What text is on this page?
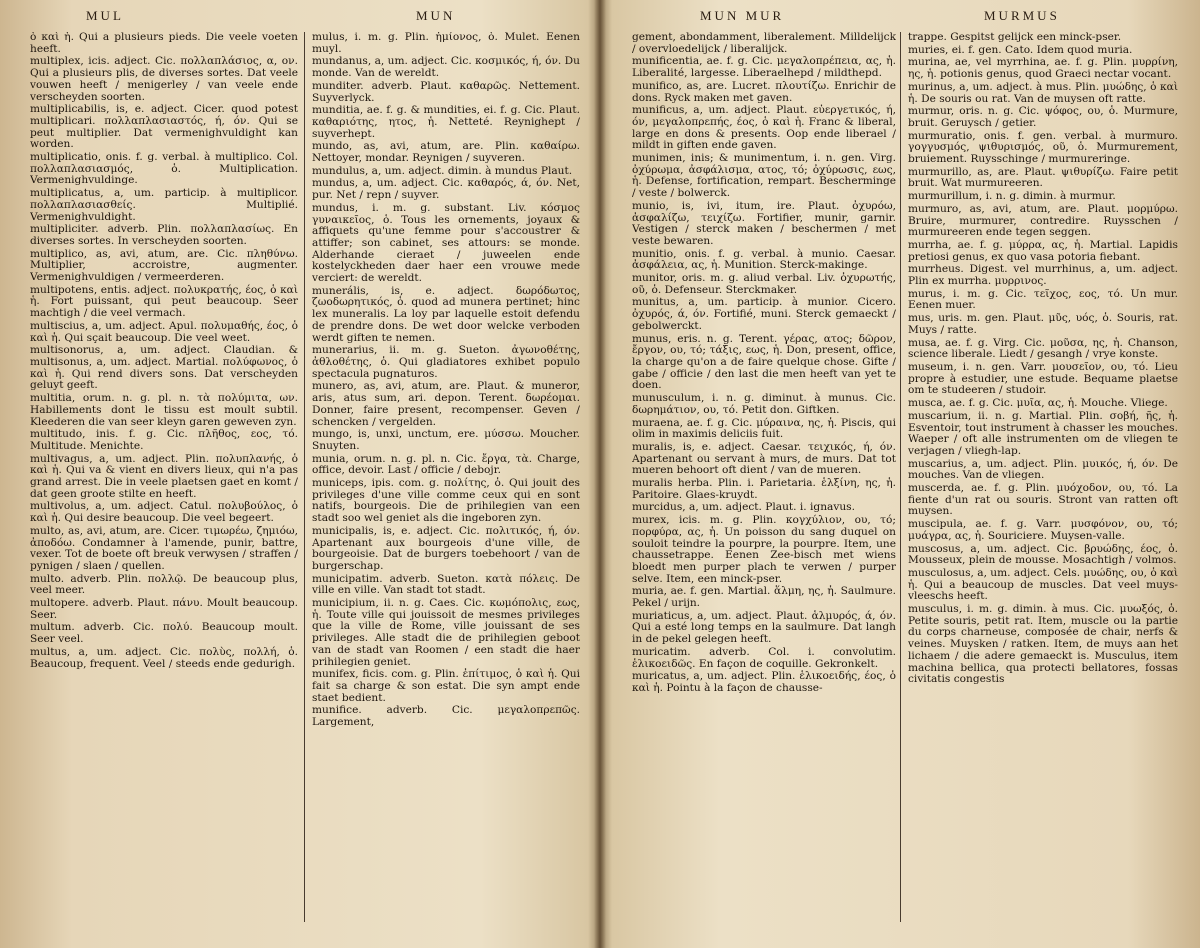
MUL	MUN

ὁ καὶ ἡ. Qui a plusieurs pieds. Die veele voeten heeft.

multiplex, icis. adject. Cic. πολλαπλάσιος, α, ον. Qui a plusieurs plis, de diverses sortes. Dat veele vouwen heeft / menigerley / van veele ende verscheyden soorten.

multiplicabilis, is, e. adject. Cicer. quod potest multiplicari. πολλαπλασιαστός, ή, όν. Qui se peut multiplier. Dat vermenighvuldight kan worden.

multiplicatio, onis. f. g. verbal. à multiplico. Col. πολλαπλασιασμός, ὁ. Multiplication. Vermenighvuldinge.

multiplicatus, a, um. particip. à multiplicor. πολλαπλασιασθείς. Multiplié. Vermenighvuldight.

multipliciter. adverb. Plin. πολλαπλασίως. En diverses sortes. In verscheyden soorten.

multiplico, as, avi, atum, are. Cic. πληθύνω. Multiplier, accroistre, augmenter. Vermenighvuldigen / vermeerderen.

multipotens, entis. adject. πολυκρατής, έος, ὁ καὶ ἡ. Fort puissant, qui peut beaucoup. Seer machtigh / die veel vermach.

multiscius, a, um. adject. Apul. πολυμαθής, έος, ὁ καὶ ἡ. Qui sçait beaucoup. Die veel weet.

multisonorus, a, um. adject. Claudian. & multisonus, a, um. adject. Martial. πολύφωνος, ὁ καὶ ἡ. Qui rend divers sons. Dat verscheyden geluyt geeft.

multitia, orum. n. g. pl. n. τὰ πολύμιτα, ων. Habillements dont le tissu est moult subtil. Kleederen die van seer kleyn garen geweven zyn.

multitudo, inis. f. g. Cic. πλῆθος, εος, τό. Multitude. Menichte.

multivagus, a, um. adject. Plin. πολυπλανής, ὁ καὶ ἡ. Qui va & vient en divers lieux, qui n'a pas grand arrest. Die in veele plaetsen gaet en komt / dat geen groote stilte en heeft.

multivolus, a, um. adject. Catul. πολυβούλος, ὁ καὶ ἡ. Qui desire beaucoup. Die veel begeert.

multo, as, avi, atum, are. Cicer. τιμωρέω, ζημιόω, ἀποδόω. Condamner à l'amende, punir, battre, vexer. Tot de boete oft breuk verwysen / straffen / pynigen / slaen / quellen.

multo. adverb. Plin. πολλῷ. De beaucoup plus, veel meer.

multopere. adverb. Plaut. πάνυ. Moult beaucoup. Seer.

multum. adverb. Cic. πολύ. Beaucoup moult. Seer veel.

multus, a, um. adject. Cic. πολὺς, πολλή, ὁ. Beaucoup, frequent. Veel / steeds ende gedurigh.

mulus, i. m. g. Plin. ἡμίονος, ὁ. Mulet. Eenen muyl.

mundanus, a, um. adject. Cic. κοσμικός, ή, όν. Du monde. Van de wereldt.

munditer. adverb. Plaut. καθαρῶς. Nettement. Suyverlyck.

munditia, ae. f. g. & mundities, ei. f. g. Cic. Plaut. καθαριότης, ητος, ἡ. Netteté. Reynighept / suyverhept.

mundo, as, avi, atum, are. Plin. καθαίρω. Nettoyer, mondar. Reynigen / suyveren.

mundulus, a, um. adject. dimin. à mundus Plaut.

mundus, a, um. adject. Cic. καθαρός, ά, όν. Net, pur. Net / repn / suyver.

mundus, i. m. g. substant. Liv. κόσμος γυναικεῖος, ὁ. Tous les ornements, joyaux & affiquets qu'une femme pour s'accoustrer & attiffer; son cabinet, ses attours: se monde. Alderhande cieraet / juweelen ende kostelyckheden daer haer een vrouwe mede verciert: de wereldt.

munerális, is, e. adject. δωρόδωτος, ζωοδωρητικός, ὁ. quod ad munera pertinet; hinc lex muneralis. La loy par laquelle estoit defendu de prendre dons. De wet door welcke verboden werdt giften te nemen.

munerarius, ii. m. g. Sueton. ἀγωνοθέτης, ἀθλοθέτης, ὁ. Qui gladiatores exhibet populo spectacula pugnaturos.

munero, as, avi, atum, are. Plaut. & muneror, aris, atus sum, ari. depon. Terent. δωρέομαι. Donner, faire present, recompenser. Geven / schencken / vergelden.

mungo, is, unxi, unctum, ere. μύσσω. Moucher. Snuyten.

munia, orum. n. g. pl. n. Cic. ἔργα, τὰ. Charge, office, devoir. Last / officie / debojr.

municeps, ipis. com. g. πολίτης, ὁ. Qui jouit des privileges d'une ville comme ceux qui en sont natifs, bourgeois. Die de prihilegien van een stadt soo wel geniet als die ingeboren zyn.

municipalis, is, e. adject. Cic. πολιτικός, ή, όν. Apartenant aux bourgeois d'une ville, de bourgeoisie. Dat de burgers toebehoort / van de burgerschap.

municipatim. adverb. Sueton. κατὰ πόλεις. De ville en ville. Van stadt tot stadt.

municipium, ii. n. g. Caes. Cic. κωμόπολις, εως, ἡ. Toute ville qui jouissoit de mesmes privileges que la ville de Rome, ville jouissant de ses privileges. Alle stadt die de prihilegien geboot van de stadt van Roomen / een stadt die haer prihilegien geniet.

munifex, ficis. com. g. Plin. ἐπίτιμος, ὁ καὶ ἡ. Qui fait sa charge & son estat. Die syn ampt ende staet bedient.

munifice. adverb. Cic. μεγαλοπρεπῶς. Largement,

MUN MUR	MURMUS

gement, abondamment, liberalement. Milldelijck / overvloedelijck / liberalijck.

munificentia, ae. f. g. Cic. μεγαλοπρέπεια, ας, ἡ. Liberalité, largesse. Liberaelhepd / mildthepd.

munifico, as, are. Lucret. πλουτίζω. Enrichir de dons. Ryck maken met gaven.

munificus, a, um. adject. Plaut. εὐεργετικός, ή, όν, μεγαλοπρεπής, έος, ὁ καὶ ἡ. Franc & liberal, large en dons & presents. Oop ende liberael / mildt in giften ende gaven.

munimen, inis; & munimentum, i. n. gen. Virg. ὀχύρωμα, ἀσφάλισμα, ατος, τό; ὀχύρωσις, εως, ἡ. Defense, fortification, rempart. Bescherminge / veste / bolwerck.

munio, is, ivi, itum, ire. Plaut. ὀχυρόω, ἀσφαλίζω, τειχίζω. Fortifier, munir, garnir. Vestigen / sterck maken / beschermen / met veste bewaren.

munitio, onis. f. g. verbal. à munio. Caesar. ἀσφάλεια, ας, ἡ. Munition. Sterck-makinge.

munitor, oris. m. g. aliud verbal. Liv. ὀχυρωτής, οῦ, ὁ. Defenseur. Sterckmaker.

munitus, a, um. particip. à munior. Cicero. ὀχυρός, ά, όν. Fortifié, muni. Sterck gemaeckt / gebolwerckt.

munus, eris. n. g. Terent. γέρας, ατος; δῶρον, ἔργον, ου, τό; τάξις, εως, ἡ. Don, present, office, la charge qu'on a de faire quelque chose. Gifte / gabe / officie / den last die men heeft van yet te doen.

munusculum, i. n. g. diminut. à munus. Cic. δωρημάτιον, ου, τό. Petit don. Giftken.

muraena, ae. f. g. Cic. μύραινα, ης, ἡ. Piscis, qui olim in maximis deliciis fuit.

muralis, is, e. adject. Caesar. τειχικός, ή, όν. Apartenant ou servant à murs, de murs. Dat tot mueren behoort oft dient / van de mueren.

muralis herba. Plin. i. Parietaria. ἑλξίνη, ης, ἡ. Paritoire. Glaes-kruydt.

murcidus, a, um. adject. Plaut. i. ignavus.

murex, icis. m. g. Plin. κογχύλιον, ου, τό; πορφύρα, ας, ἡ. Un poisson du sang duquel on souloit teindre la pourpre, la pourpre. Item, une chaussetrappe. Eenen Zee-bisch met wiens bloedt men purper plach te verwen / purper selve. Item, een minck-pser.

muria, ae. f. gen. Martial. ἅλμη, ης, ἡ. Saulmure. Pekel / urijn.

muriaticus, a, um. adject. Plaut. ἁλμυρός, ά, όν. Qui a esté long temps en la saulmure. Dat langh in de pekel gelegen heeft.

muricatim. adverb. Col. i. convolutim. ἑλικοειδῶς. En façon de coquille. Gekronkelt.

muricatus, a, um. adject. Plin. ἑλικοειδής, έος, ὁ καὶ ἡ. Pointu à la façon de chausse-

trappe. Gespitst gelijck een minck-pser.

muries, ei. f. gen. Cato. Idem quod muria.

murina, ae, vel myrrhina, ae. f. g. Plin. μυρρίνη, ης, ἡ. potionis genus, quod Graeci nectar vocant.

murinus, a, um. adject. à mus. Plin. μυώδης, ὁ καὶ ἡ. De souris ou rat. Van de muysen oft ratte.

murmur, oris. n. g. Cic. ψόφος, ου, ὁ. Murmure, bruit. Geruysch / getier.

murmuratio, onis. f. gen. verbal. à murmuro. γογγυσμός, ψιθυρισμός, οῦ, ὁ. Murmurement, bruiement. Ruysschinge / murmureringe.

murmurillo, as, are. Plaut. ψιθυρίζω. Faire petit bruit. Wat murmureeren.

murmurillum, i. n. g. dimin. à murmur.

murmuro, as, avi, atum, are. Plaut. μορμύρω. Bruire, murmurer, contredire. Ruysschen / murmureeren ende tegen seggen.

murrha, ae. f. g. μύρρα, ας, ἡ. Martial. Lapidis pretiosi genus, ex quo vasa potoria fiebant.

murrheus. Digest. vel murrhinus, a, um. adject. Plin ex murrha. μυρρινος.

murus, i. m. g. Cic. τεῖχος, εος, τό. Un mur. Eenen muer.

mus, uris. m. gen. Plaut. μῦς, υός, ὁ. Souris, rat. Muys / ratte.

musa, ae. f. g. Virg. Cic. μοῦσα, ης, ἡ. Chanson, science liberale. Liedt / gesangh / vrye konste.

museum, i. n. gen. Varr. μουσεῖον, ου, τό. Lieu propre à estudier, une estude. Bequame plaetse om te studeeren / studoir.

musca, ae. f. g. Cic. μυῖα, ας, ἡ. Mouche. Vliege.

muscarium, ii. n. g. Martial. Plin. σοβή, ῆς, ἡ. Esventoir, tout instrument à chasser les mouches. Waeper / oft alle instrumenten om de vliegen te verjagen / vliegh-lap.

muscarius, a, um. adject. Plin. μυικός, ή, όν. De mouches. Van de vliegen.

muscerda, ae. f. g. Plin. μυόχοδον, ου, τό. La fiente d'un rat ou souris. Stront van ratten oft muysen.

muscipula, ae. f. g. Varr. μυσφόνον, ου, τό; μυάγρα, ας, ἡ. Souriciere. Muysen-valle.

muscosus, a, um. adject. Cic. βρυώδης, έος, ὁ. Mousseux, plein de mousse. Mosachtigh / volmos.

musculosus, a, um. adject. Cels. μυώδης, ου, ὁ καὶ ἡ. Qui a beaucoup de muscles. Dat veel muys-vleeschs heeft.

musculus, i. m. g. dimin. à mus. Cic. μυωξός, ὁ. Petite souris, petit rat. Item, muscle ou la partie du corps charneuse, composée de chair, nerfs & veines. Muysken / ratken. Item, de muys aan het lichaem / die adere gemaeckt is. Musculus, item machina bellica, qua protecti bellatores, fossas civitatis congestis
